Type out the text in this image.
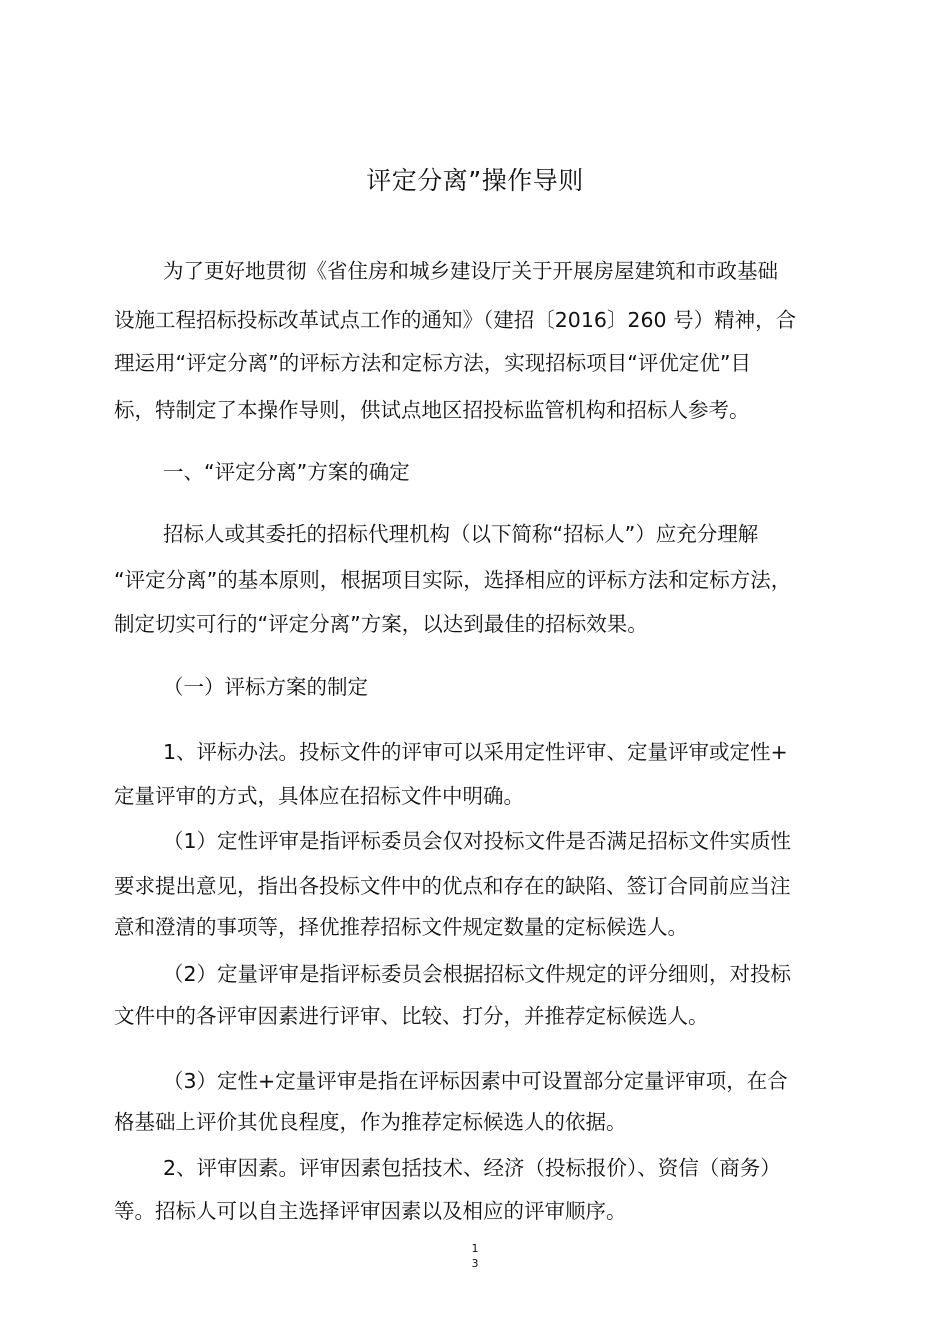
评定分离”操作导则
为了更好地贯彻《省住房和城乡建设厅关于开展房屋建筑和市政基础
设施工程招标投标改革试点工作的通知》（建招〔2016〕260 号）精神，合
理运用“评定分离”的评标方法和定标方法，实现招标项目“评优定优”目
标，特制定了本操作导则，供试点地区招投标监管机构和招标人参考。
一、“评定分离”方案的确定
招标人或其委托的招标代理机构（以下简称“招标人”）应充分理解
“评定分离”的基本原则，根据项目实际，选择相应的评标方法和定标方法，
制定切实可行的“评定分离”方案，以达到最佳的招标效果。
（一）评标方案的制定
1、评标办法。投标文件的评审可以采用定性评审、定量评审或定性+
定量评审的方式，具体应在招标文件中明确。
（1）定性评审是指评标委员会仅对投标文件是否满足招标文件实质性
要求提出意见，指出各投标文件中的优点和存在的缺陷、签订合同前应当注
意和澄清的事项等，择优推荐招标文件规定数量的定标候选人。
（2）定量评审是指评标委员会根据招标文件规定的评分细则，对投标
文件中的各评审因素进行评审、比较、打分，并推荐定标候选人。
（3）定性+定量评审是指在评标因素中可设置部分定量评审项，在合
格基础上评价其优良程度，作为推荐定标候选人的依据。
2、评审因素。评审因素包括技术、经济（投标报价）、资信（商务）
等。招标人可以自主选择评审因素以及相应的评审顺序。
1
3
